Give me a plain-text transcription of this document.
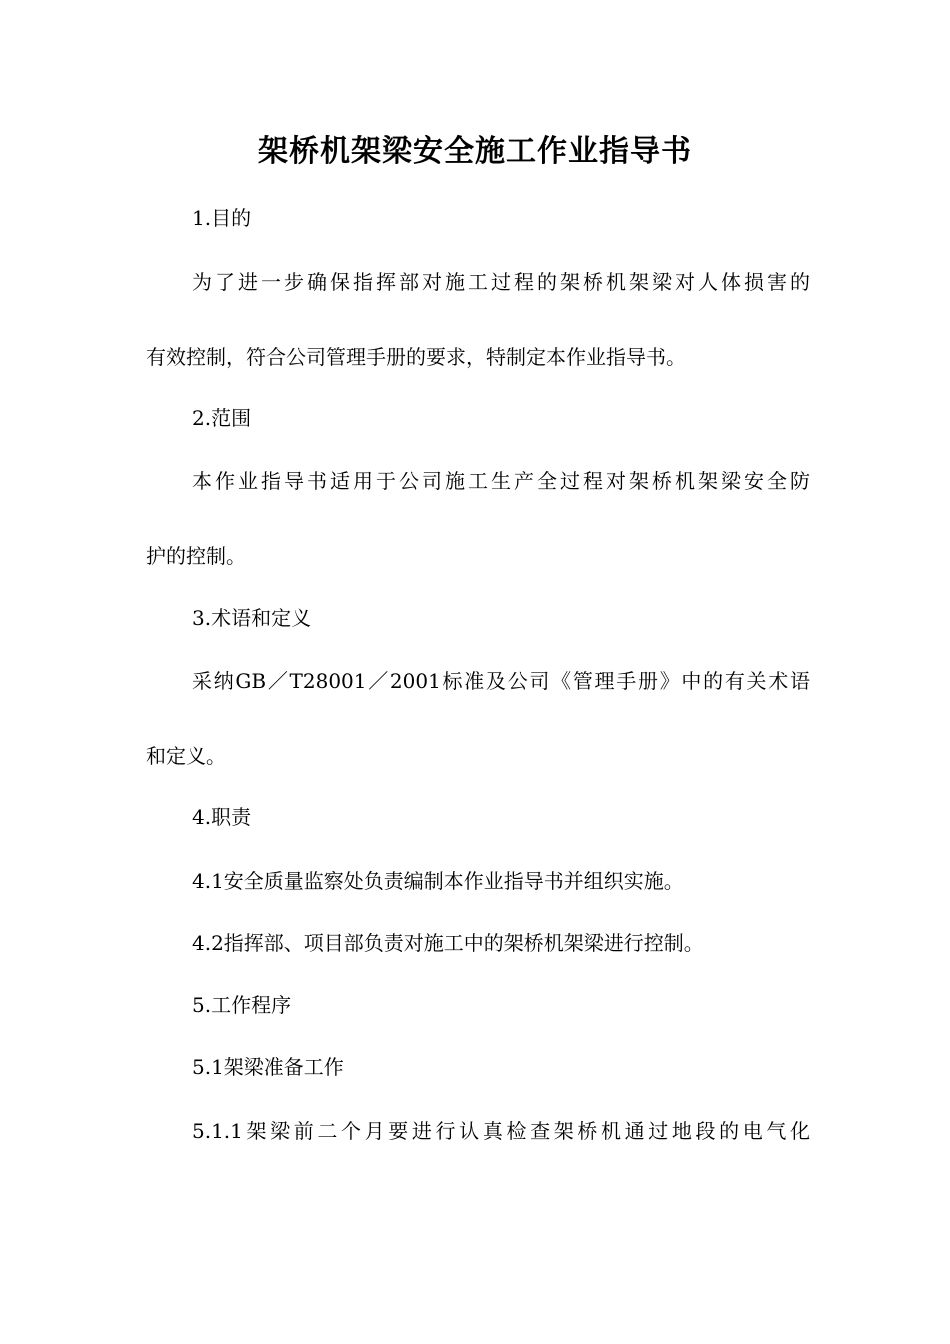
架桥机架梁安全施工作业指导书
1.目的
为了进一步确保指挥部对施工过程的架桥机架梁对人体损害的
有效控制，符合公司管理手册的要求，特制定本作业指导书。
2.范围
本作业指导书适用于公司施工生产全过程对架桥机架梁安全防
护的控制。
3.术语和定义
采纳GB／T28001／2001标准及公司《管理手册》中的有关术语
和定义。
4.职责
4.1安全质量监察处负责编制本作业指导书并组织实施。
4.2指挥部、项目部负责对施工中的架桥机架梁进行控制。
5.工作程序
5.1架梁准备工作
5.1.1架梁前二个月要进行认真检查架桥机通过地段的电气化
